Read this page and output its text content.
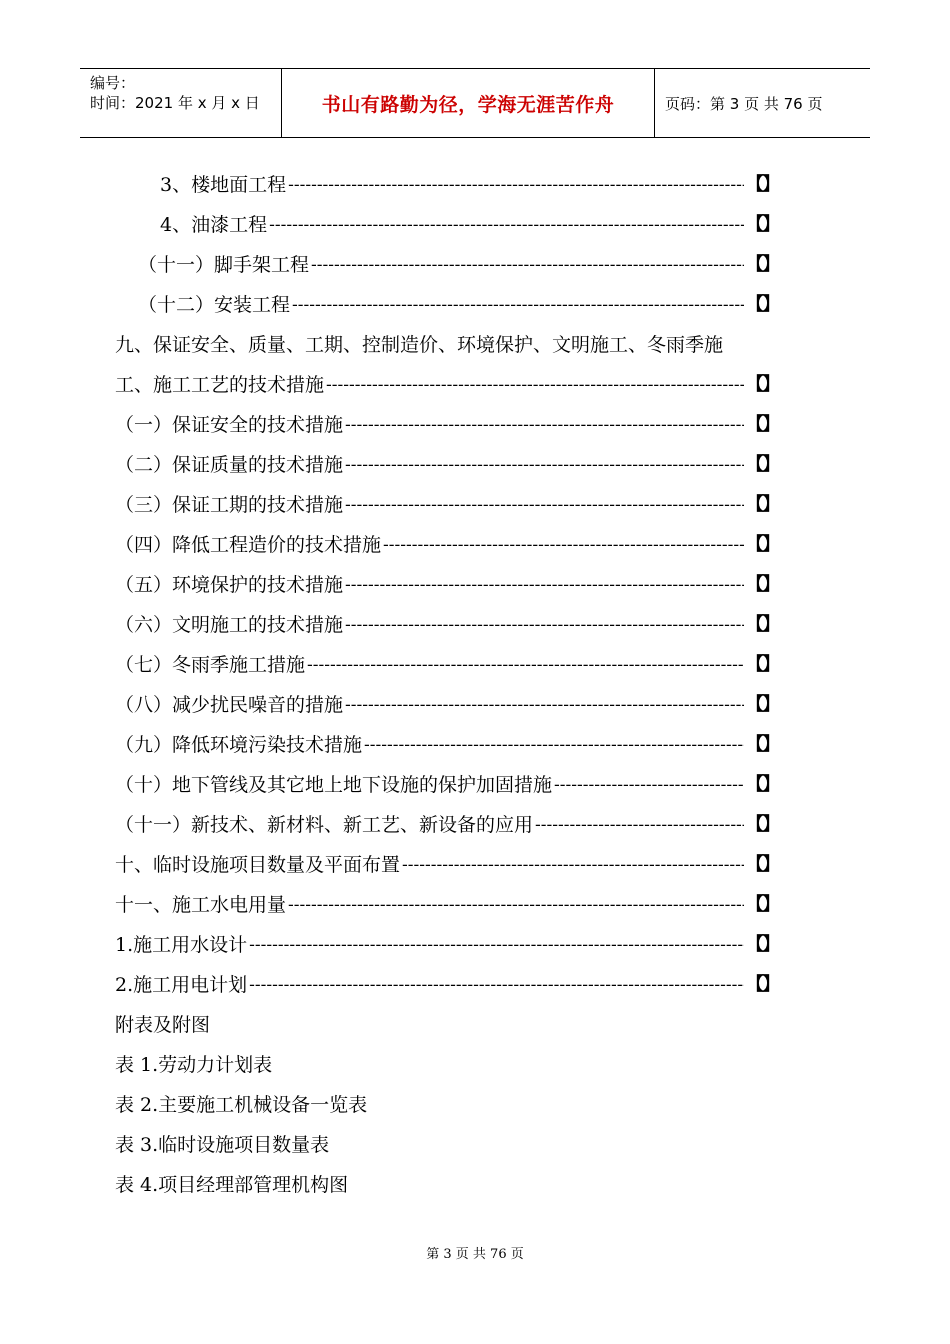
编号：
时间：2021 年 x 月 x 日	书山有路勤为径，学海无涯苦作舟	页码：第 3 页 共 76 页
3、楼地面工程 -----	【】
4、油漆工程 -----	【】
（十一）脚手架工程 -----	【】
（十二）安装工程 -----	【】
九、保证安全、质量、工期、控制造价、环境保护、文明施工、冬雨季施
工、施工工艺的技术措施 -----	【】
（一）保证安全的技术措施 -----	【】
（二）保证质量的技术措施 -----	【】
（三）保证工期的技术措施 -----	【】
（四）降低工程造价的技术措施 -----	【】
（五）环境保护的技术措施 -----	【】
（六）文明施工的技术措施 -----	【】
（七）冬雨季施工措施 -----	【】
（八）减少扰民噪音的措施 -----	【】
（九）降低环境污染技术措施 -----	【】
（十）地下管线及其它地上地下设施的保护加固措施 -----	【】
（十一）新技术、新材料、新工艺、新设备的应用 -----	【】
十、临时设施项目数量及平面布置 -----	【】
十一、施工水电用量 -----	【】
1.施工用水设计 -----	【】
2.施工用电计划 -----	【】
附表及附图
表 1.劳动力计划表
表 2.主要施工机械设备一览表
表 3.临时设施项目数量表
表 4.项目经理部管理机构图
第 3 页 共 76 页
